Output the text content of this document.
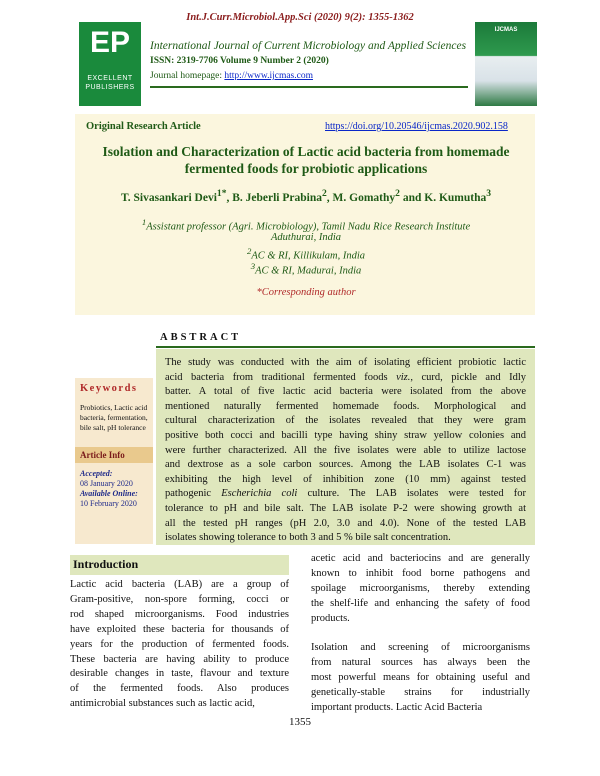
Int.J.Curr.Microbiol.App.Sci (2020) 9(2): 1355-1362
EP
EXCELLENT
PUBLISHERS
International Journal of Current Microbiology and Applied Sciences
ISSN: 2319-7706 Volume 9 Number 2 (2020)
Journal homepage: http://www.ijcmas.com
IJCMAS
Original Research Article	https://doi.org/10.20546/ijcmas.2020.902.158
Isolation and Characterization of Lactic acid bacteria from homemade
fermented foods for probiotic applications
T. Sivasankari Devi$^{1*}$, B. Jeberli Prabina$^2$, M. Gomathy$^2$ and K. Kumutha$^3$
$^1$Assistant professor (Agri. Microbiology), Tamil Nadu Rice Research Institute
Aduthurai, India
$^2$AC & RI, Killikulam, India
$^3$AC & RI, Madurai, India
*Corresponding author
ABSTRACT
The study was conducted with the aim of isolating efficient probiotic lactic
acid bacteria from traditional fermented foods viz., curd, pickle and Idly
batter. A total of five lactic acid bacteria were isolated from the above
mentioned naturally fermented homemade foods. Morphological and
cultural characterization of the isolates revealed that they were gram
positive both cocci and bacilli type having shiny straw yellow colonies and
were further characterized. All the five isolates were able to utilize lactose
and dextrose as a sole carbon sources. Among the LAB isolates C-1 was
exhibiting the high level of inhibition zone (10 mm) against tested
pathogenic Escherichia coli culture. The LAB isolates were tested for
tolerance to pH and bile salt. The LAB isolate P-2 were showing growth at
all the tested pH ranges (pH 2.0, 3.0 and 4.0). None of the tested LAB
isolates showing tolerance to both 3 and 5 % bile salt concentration.
Keywords
Probiotics, Lactic acid bacteria, fermentation, bile salt, pH tolerance
Article Info
Accepted:
08 January 2020
Available Online:
10 February 2020
Introduction
Lactic acid bacteria (LAB) are a group of
Gram-positive, non-spore forming, cocci or
rod shaped microorganisms. Food industries
have exploited these bacteria for thousands of
years for the production of fermented foods.
These bacteria are having ability to produce
desirable changes in taste, flavour and texture
of the fermented foods. Also produces
antimicrobial substances such as lactic acid,

acetic acid and bacteriocins and are generally
known to inhibit food borne pathogens and
spoilage microorganisms, thereby extending
the shelf-life and enhancing the safety of food
products.

Isolation and screening of microorganisms
from natural sources has always been the
most powerful means for obtaining useful and
genetically-stable strains for industrially
important products. Lactic Acid Bacteria

1355
